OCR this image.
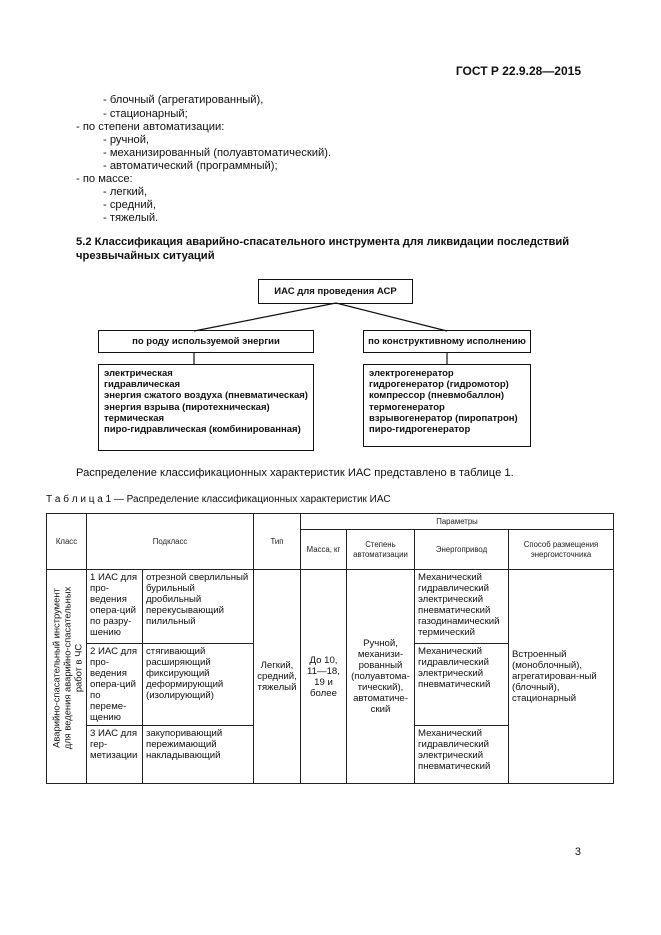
ГОСТ Р 22.9.28—2015
- блочный (агрегатированный),
- стационарный;
- по степени автоматизации:
- ручной,
- механизированный (полуавтоматический).
- автоматический (программный);
- по массе:
- легкий,
- средний,
- тяжелый.
5.2 Классификация аварийно-спасательного инструмента для ликвидации последствий
чрезвычайных ситуаций
ИАС для проведения АСР
по роду используемой энергии	по конструктивному исполнению
электрическая
гидравлическая
энергия сжатого воздуха (пневматическая)
энергия взрыва (пиротехническая)
термическая
пиро-гидравлическая (комбинированная)
электрогенератор
гидрогенератор (гидромотор)
компрессор (пневмобаллон)
термогенератор
взрывогенератор (пиропатрон)
пиро-гидрогенератор
Распределение классификационных характеристик ИАС представлено в таблице 1.
Т а б л и ц а 1 — Распределение классификационных характеристик ИАС
Класс	Подкласс		Тип	Параметры			
				Масса, кг	Степень автоматизации	Энергопривод	Способ размещения энергоисточника

Аварийно-спасательный инструмент для ведения аварийно-спасательных работ в ЧС	1 ИАС для про-ведения опера-ций по разру-шению	отрезной сверлильный бурильный дробильный перекусывающий пилильный	Легкий, средний, тяжелый	До 10, 11—18, 19 и более	Ручной, механизи-рованный (полуавтома-тический), автоматиче-ский	Механический гидравлический электрический пневматический газодинамический термический	Встроенный (моноблочный), агрегатирован-ный (блочный), стационарный
	2 ИАС для про-ведения опера-ций по переме-щению	стягивающий расширяющий фиксирующий деформирующий (изолирующий)				Механический гидравлический электрический пневматический	
	3 ИАС для гер-метизации	закупоривающий пережимающий накладывающий				Механический гидравлический электрический пневматический	
3
